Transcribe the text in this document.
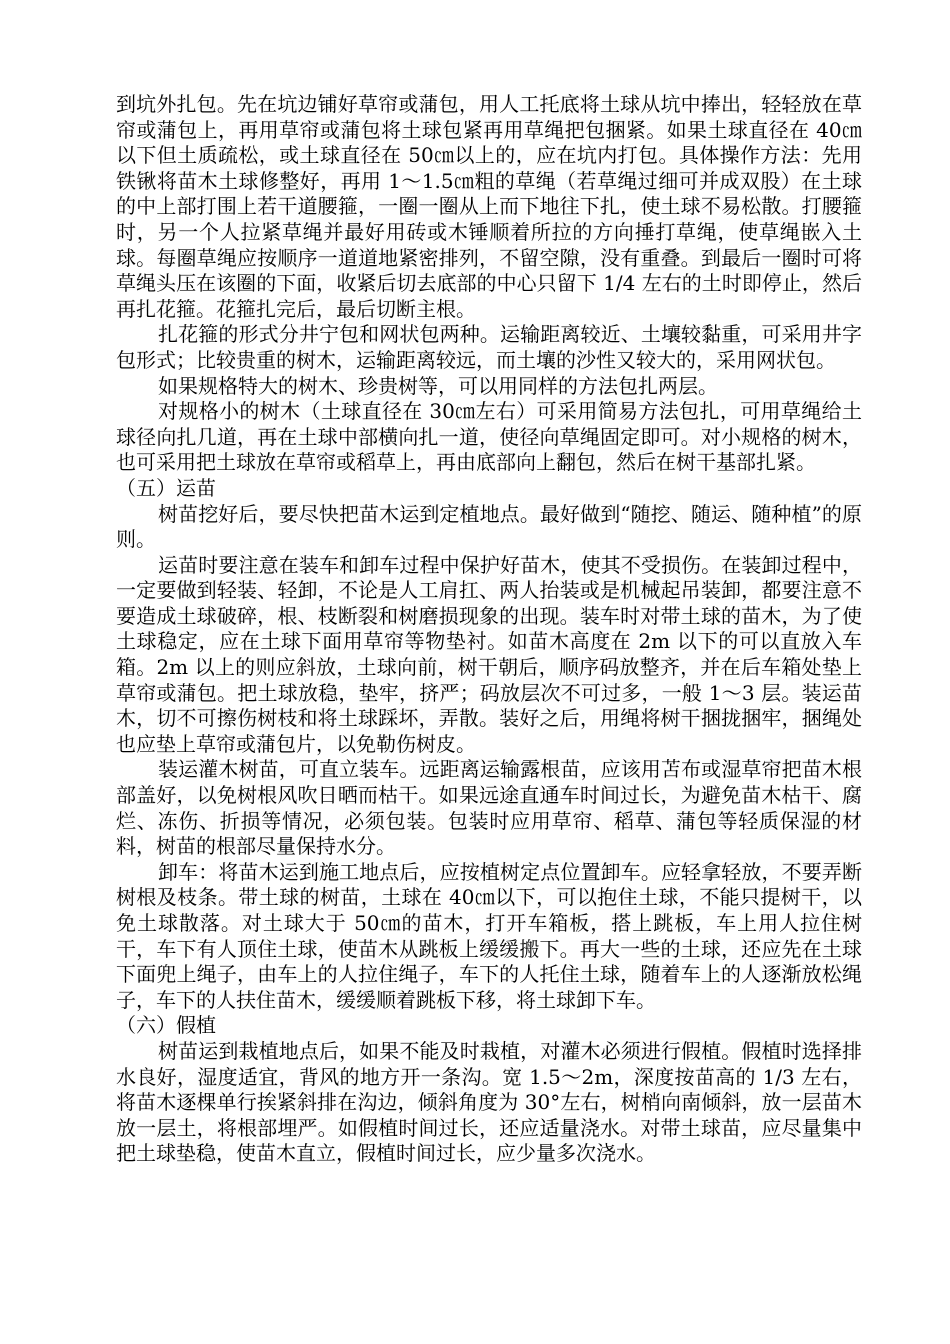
到坑外扎包。先在坑边铺好草帘或蒲包，用人工托底将土球从坑中捧出，轻轻放在草帘或蒲包上，再用草帘或蒲包将土球包紧再用草绳把包捆紧。如果土球直径在 40㎝以下但土质疏松，或土球直径在 50㎝以上的，应在坑内打包。具体操作方法：先用铁锹将苗木土球修整好，再用 1～1.5㎝粗的草绳（若草绳过细可并成双股）在土球的中上部打围上若干道腰箍，一圈一圈从上而下地往下扎，使土球不易松散。打腰箍时，另一个人拉紧草绳并最好用砖或木锤顺着所拉的方向捶打草绳，使草绳嵌入土球。每圈草绳应按顺序一道道地紧密排列，不留空隙，没有重叠。到最后一圈时可将草绳头压在该圈的下面，收紧后切去底部的中心只留下 1/4 左右的土时即停止，然后再扎花箍。花箍扎完后，最后切断主根。

扎花箍的形式分井宁包和网状包两种。运输距离较近、土壤较黏重，可采用井字包形式；比较贵重的树木，运输距离较远，而土壤的沙性又较大的，采用网状包。

如果规格特大的树木、珍贵树等，可以用同样的方法包扎两层。

对规格小的树木（土球直径在 30㎝左右）可采用简易方法包扎，可用草绳给土球径向扎几道，再在土球中部横向扎一道，使径向草绳固定即可。对小规格的树木，也可采用把土球放在草帘或稻草上，再由底部向上翻包，然后在树干基部扎紧。

（五）运苗

树苗挖好后，要尽快把苗木运到定植地点。最好做到“随挖、随运、随种植”的原则。

运苗时要注意在装车和卸车过程中保护好苗木，使其不受损伤。在装卸过程中，一定要做到轻装、轻卸，不论是人工肩扛、两人抬装或是机械起吊装卸，都要注意不要造成土球破碎，根、枝断裂和树磨损现象的出现。装车时对带土球的苗木，为了使土球稳定，应在土球下面用草帘等物垫衬。如苗木高度在 2m 以下的可以直放入车箱。2m 以上的则应斜放，土球向前，树干朝后，顺序码放整齐，并在后车箱处垫上草帘或蒲包。把土球放稳，垫牢，挤严；码放层次不可过多，一般 1～3 层。装运苗木，切不可擦伤树枝和将土球踩坏，弄散。装好之后，用绳将树干捆拢捆牢，捆绳处也应垫上草帘或蒲包片，以免勒伤树皮。

装运灌木树苗，可直立装车。远距离运输露根苗，应该用苫布或湿草帘把苗木根部盖好，以免树根风吹日晒而枯干。如果远途直通车时间过长，为避免苗木枯干、腐烂、冻伤、折损等情况，必须包装。包装时应用草帘、稻草、蒲包等轻质保湿的材料，树苗的根部尽量保持水分。

卸车：将苗木运到施工地点后，应按植树定点位置卸车。应轻拿轻放，不要弄断树根及枝条。带土球的树苗，土球在 40㎝以下，可以抱住土球，不能只提树干，以免土球散落。对土球大于 50㎝的苗木，打开车箱板，搭上跳板，车上用人拉住树干，车下有人顶住土球，使苗木从跳板上缓缓搬下。再大一些的土球，还应先在土球下面兜上绳子，由车上的人拉住绳子，车下的人托住土球，随着车上的人逐渐放松绳子，车下的人扶住苗木，缓缓顺着跳板下移，将土球卸下车。

（六）假植

树苗运到栽植地点后，如果不能及时栽植，对灌木必须进行假植。假植时选择排水良好，湿度适宜，背风的地方开一条沟。宽 1.5～2m，深度按苗高的 1/3 左右，将苗木逐棵单行挨紧斜排在沟边，倾斜角度为 30°左右，树梢向南倾斜，放一层苗木放一层土，将根部埋严。如假植时间过长，还应适量浇水。对带土球苗，应尽量集中把土球垫稳，使苗木直立，假植时间过长，应少量多次浇水。
